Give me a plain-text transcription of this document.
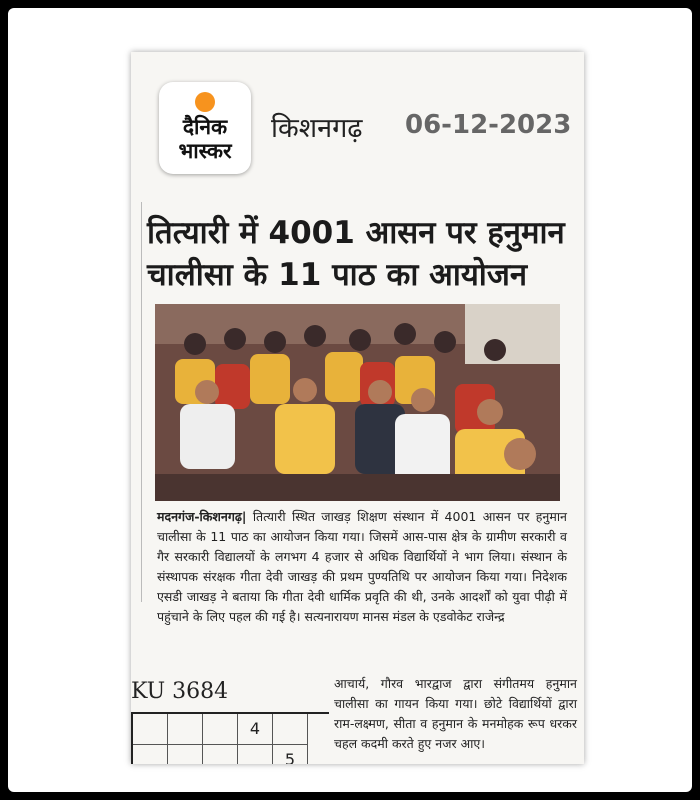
दैनिक
भास्कर
किशनगढ़ 06-12-2023
तित्यारी में 4001 आसन पर हनुमान
चालीसा के 11 पाठ का आयोजन
मदनगंज-किशनगढ़| तित्यारी स्थित जाखड़ शिक्षण संस्थान में 4001 आसन पर हनुमान चालीसा के 11 पाठ का आयोजन किया गया। जिसमें आस-पास क्षेत्र के ग्रामीण सरकारी व गैर सरकारी विद्यालयों के लगभग 4 हजार से अधिक विद्यार्थियों ने भाग लिया। संस्थान के संस्थापक संरक्षक गीता देवी जाखड़ की प्रथम पुण्यतिथि पर आयोजन किया गया। निदेशक एसडी जाखड़ ने बताया कि गीता देवी धार्मिक प्रवृति की थी, उनके आदर्शों को युवा पीढ़ी में पहुंचाने के लिए पहल की गई है। सत्यनारायण मानस मंडल के एडवोकेट राजेन्द्र
KU 3684
4
5
आचार्य, गौरव भारद्वाज द्वारा संगीतमय हनुमान चालीसा का गायन किया गया। छोटे विद्यार्थियों द्वारा राम-लक्ष्मण, सीता व हनुमान के मनमोहक रूप धरकर चहल कदमी करते हुए नजर आए।
